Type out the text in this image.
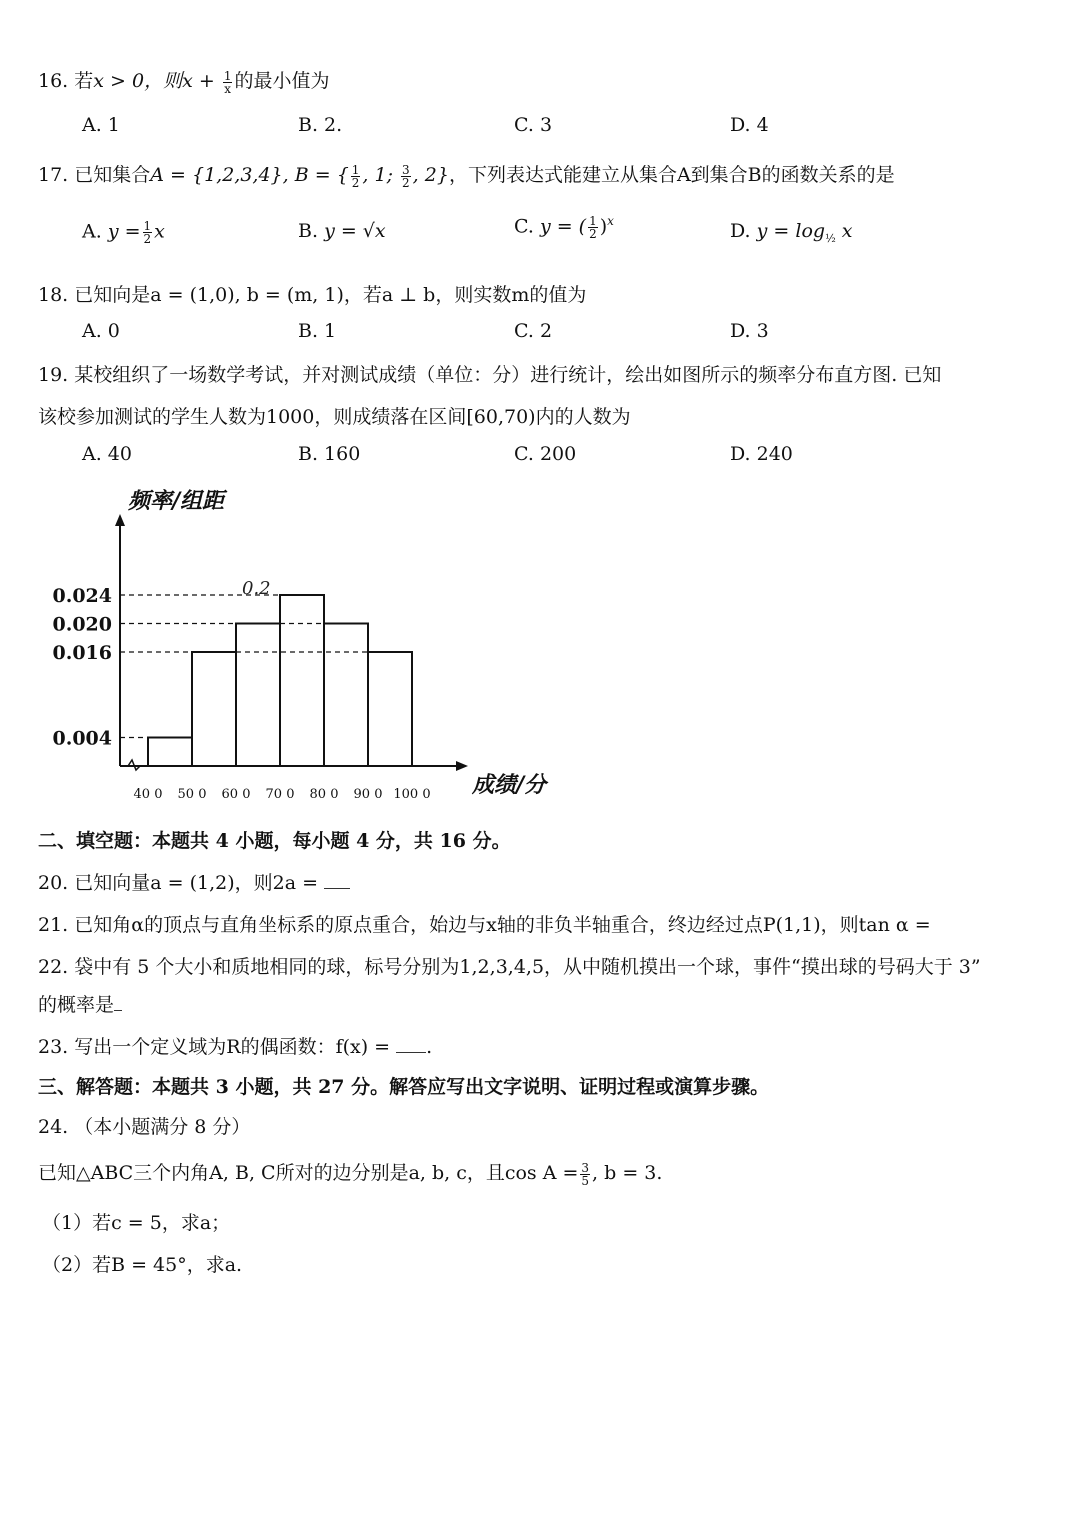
16. 若x > 0，则$x + \frac{1}{x}$ 的最小值为
A. 1	B. 2.	C. 3	D. 4
17. 已知集合A = {1,2,3,4}, B = { $\frac{1}{2}$ , 1; $\frac{3}{2}$ , 2}，下列表达式能建立从集合A到集合B的函数关系的是
A. $y = \frac{1}{2}$ x	B. y = √x	C. y = ( $\frac{1}{2} )^x$	D. $y = \log_{\frac{1}{2}} x$
18. 已知向是a = (1,0), b = (m, 1)，若a ⊥ b，则实数m的值为
A. 0	B. 1	C. 2	D. 3
19. 某校组织了一场数学考试，并对测试成绩（单位：分）进行统计，绘出如图所示的频率分布直方图. 已知
该校参加测试的学生人数为1000，则成绩落在区间[60,70)内的人数为
A. 40	B. 160	C. 200	D. 240
0.024
0.020
0.016
0.004
40 0 50 0 60 0 70 0 80 0 90 0 100 0
频率/组距
成绩/分
0.2
二、填空题：本题共 4 小题，每小题 4 分，共 16 分。
20. 已知向量a = (1,2)，则2a =
21. 已知角α的顶点与直角坐标系的原点重合，始边与x轴的非负半轴重合，终边经过点P(1,1)，则tan α =
22. 袋中有 5 个大小和质地相同的球，标号分别为1,2,3,4,5，从中随机摸出一个球，事件“摸出球的号码大于 3”
的概率是
23. 写出一个定义域为R的偶函数：f(x) = .
三、解答题：本题共 3 小题，共 27 分。解答应写出文字说明、证明过程或演算步骤。
24. （本小题满分 8 分）
已知△ABC三个内角A, B, C所对的边分别是a, b, c，且$\cos A = \frac{3}{5}$ , b = 3.
（1）若c = 5，求a；
（2）若B = 45°，求a.
